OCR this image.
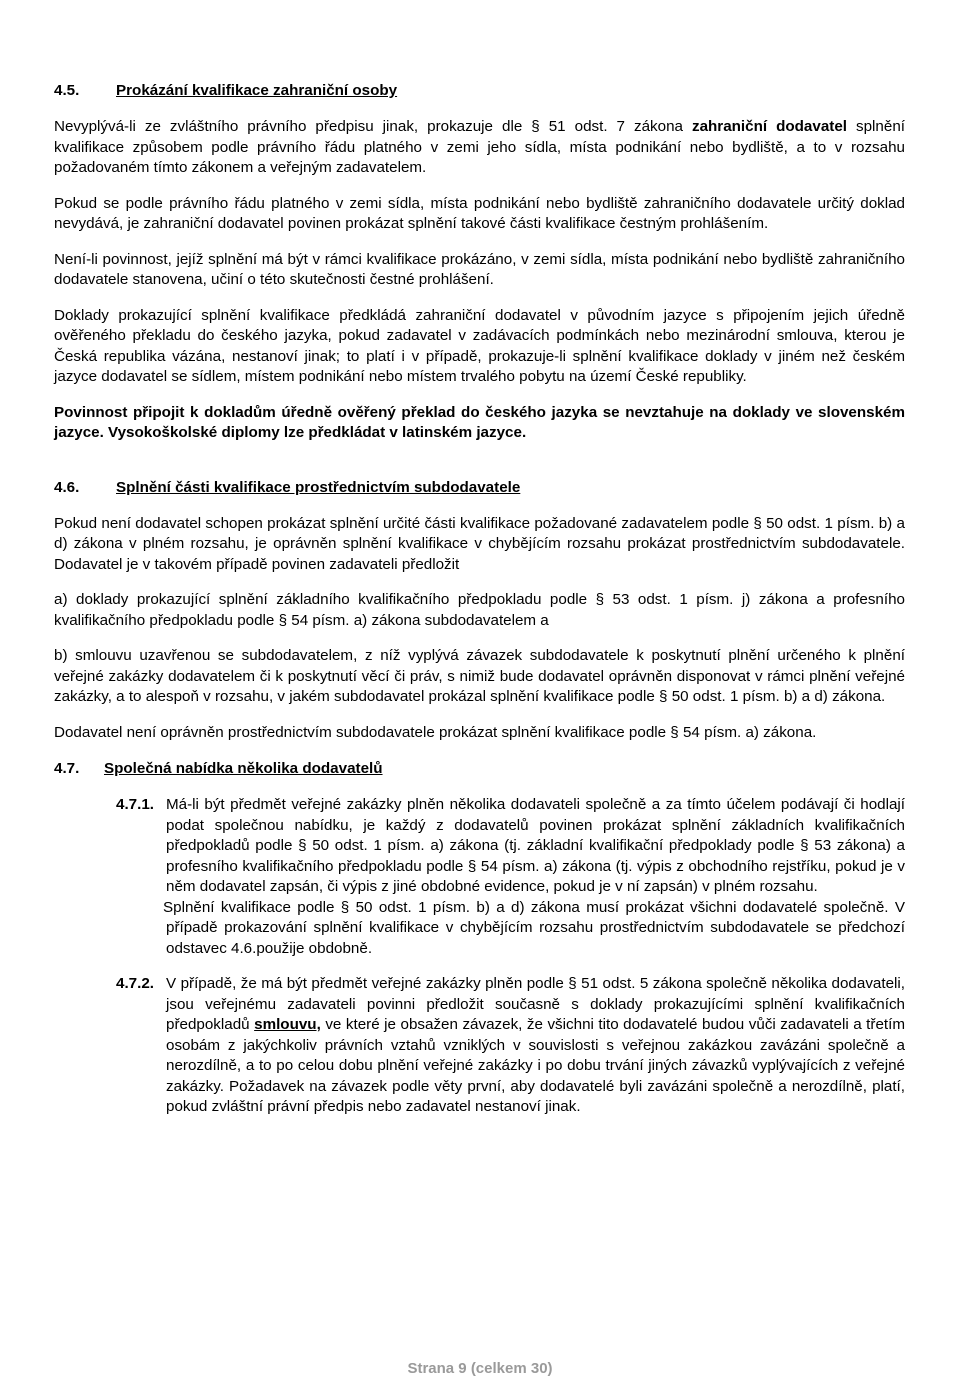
4.5.	Prokázání kvalifikace zahraniční osoby

Nevyplývá-li ze zvláštního právního předpisu jinak, prokazuje dle § 51 odst. 7 zákona zahraniční dodavatel splnění kvalifikace způsobem podle právního řádu platného v zemi jeho sídla, místa podnikání nebo bydliště, a to v rozsahu požadovaném tímto zákonem a veřejným zadavatelem.

Pokud se podle právního řádu platného v zemi sídla, místa podnikání nebo bydliště zahraničního dodavatele určitý doklad nevydává, je zahraniční dodavatel povinen prokázat splnění takové části kvalifikace čestným prohlášením.

Není-li povinnost, jejíž splnění má být v rámci kvalifikace prokázáno, v zemi sídla, místa podnikání nebo bydliště zahraničního dodavatele stanovena, učiní o této skutečnosti čestné prohlášení.

Doklady prokazující splnění kvalifikace předkládá zahraniční dodavatel v původním jazyce s připojením jejich úředně ověřeného překladu do českého jazyka, pokud zadavatel v zadávacích podmínkách nebo mezinárodní smlouva, kterou je Česká republika vázána, nestanoví jinak; to platí i v případě, prokazuje-li splnění kvalifikace doklady v jiném než českém jazyce dodavatel se sídlem, místem podnikání nebo místem trvalého pobytu na území České republiky.

Povinnost připojit k dokladům úředně ověřený překlad do českého jazyka se nevztahuje na doklady ve slovenském jazyce. Vysokoškolské diplomy lze předkládat v latinském jazyce.

4.6.	Splnění části kvalifikace prostřednictvím subdodavatele

Pokud není dodavatel schopen prokázat splnění určité části kvalifikace požadované zadavatelem podle § 50 odst. 1 písm. b) a d) zákona v plném rozsahu, je oprávněn splnění kvalifikace v chybějícím rozsahu prokázat prostřednictvím subdodavatele. Dodavatel je v takovém případě povinen zadavateli předložit

a) doklady prokazující splnění základního kvalifikačního předpokladu podle § 53 odst. 1 písm. j) zákona a profesního kvalifikačního předpokladu podle § 54 písm. a) zákona subdodavatelem a

b) smlouvu uzavřenou se subdodavatelem, z níž vyplývá závazek subdodavatele k poskytnutí plnění určeného k plnění veřejné zakázky dodavatelem či k poskytnutí věcí či práv, s nimiž bude dodavatel oprávněn disponovat v rámci plnění veřejné zakázky, a to alespoň v rozsahu, v jakém subdodavatel prokázal splnění kvalifikace podle § 50 odst. 1 písm. b) a d) zákona.

Dodavatel není oprávněn prostřednictvím subdodavatele prokázat splnění kvalifikace podle § 54 písm. a) zákona.

4.7.	Společná nabídka několika dodavatelů
4.7.1. Má-li být předmět veřejné zakázky plněn několika dodavateli společně a za tímto účelem podávají či hodlají podat společnou nabídku, je každý z dodavatelů povinen prokázat splnění základních kvalifikačních předpokladů podle § 50 odst. 1 písm. a) zákona (tj. základní kvalifikační předpoklady podle § 53 zákona) a profesního kvalifikačního předpokladu podle § 54 písm. a) zákona (tj. výpis z obchodního rejstříku, pokud je v něm dodavatel zapsán, či výpis z jiné obdobné evidence, pokud je v ní zapsán) v plném rozsahu.
Splnění kvalifikace podle § 50 odst. 1 písm. b) a d) zákona musí prokázat všichni dodavatelé společně. V případě prokazování splnění kvalifikace v chybějícím rozsahu prostřednictvím subdodavatele se předchozí odstavec 4.6.použije obdobně.
4.7.2. V případě, že má být předmět veřejné zakázky plněn podle § 51 odst. 5 zákona společně několika dodavateli, jsou veřejnému zadavateli povinni předložit současně s doklady prokazujícími splnění kvalifikačních předpokladů smlouvu, ve které je obsažen závazek, že všichni tito dodavatelé budou vůči zadavateli a třetím osobám z jakýchkoliv právních vztahů vzniklých v souvislosti s veřejnou zakázkou zavázáni společně a nerozdílně, a to po celou dobu plnění veřejné zakázky i po dobu trvání jiných závazků vyplývajících z veřejné zakázky. Požadavek na závazek podle věty první, aby dodavatelé byli zavázáni společně a nerozdílně, platí, pokud zvláštní právní předpis nebo zadavatel nestanoví jinak.
Strana 9 (celkem 30)
